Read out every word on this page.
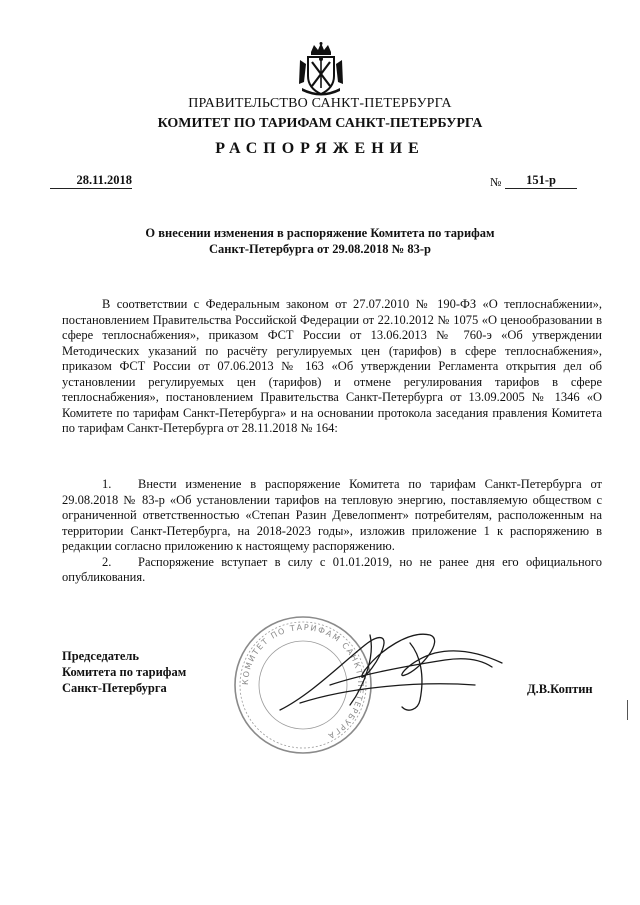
ПРАВИТЕЛЬСТВО САНКТ-ПЕТЕРБУРГА
КОМИТЕТ ПО ТАРИФАМ САНКТ-ПЕТЕРБУРГА
РАСПОРЯЖЕНИЕ
28.11.2018	№	151-р
О внесении изменения в распоряжение Комитета по тарифам
Санкт-Петербурга от 29.08.2018 № 83-р

В соответствии с Федеральным законом от 27.07.2010 № 190-ФЗ «О теплоснабжении», постановлением Правительства Российской Федерации от 22.10.2012 № 1075 «О ценообразовании в сфере теплоснабжения», приказом ФСТ России от 13.06.2013 № 760-э «Об утверждении Методических указаний по расчёту регулируемых цен (тарифов) в сфере теплоснабжения», приказом ФСТ России от 07.06.2013 № 163 «Об утверждении Регламента открытия дел об установлении регулируемых цен (тарифов) и отмене регулирования тарифов в сфере теплоснабжения», постановлением Правительства Санкт-Петербурга от 13.09.2005 № 1346 «О Комитете по тарифам Санкт-Петербурга» и на основании протокола заседания правления Комитета по тарифам Санкт-Петербурга от 28.11.2018 № 164:

1. Внести изменение в распоряжение Комитета по тарифам Санкт-Петербурга от 29.08.2018 № 83-р «Об установлении тарифов на тепловую энергию, поставляемую обществом с ограниченной ответственностью «Степан Разин Девелопмент» потребителям, расположенным на территории Санкт-Петербурга, на 2018-2023 годы», изложив приложение 1 к распоряжению в редакции согласно приложению к настоящему распоряжению.

2. Распоряжение вступает в силу с 01.01.2019, но не ранее дня его официального опубликования.

КОМИТЕТ ПО ТАРИФАМ САНКТ-ПЕТЕРБУРГА
Председатель
Комитета по тарифам
Санкт-Петербурга	Д.В.Коптин
